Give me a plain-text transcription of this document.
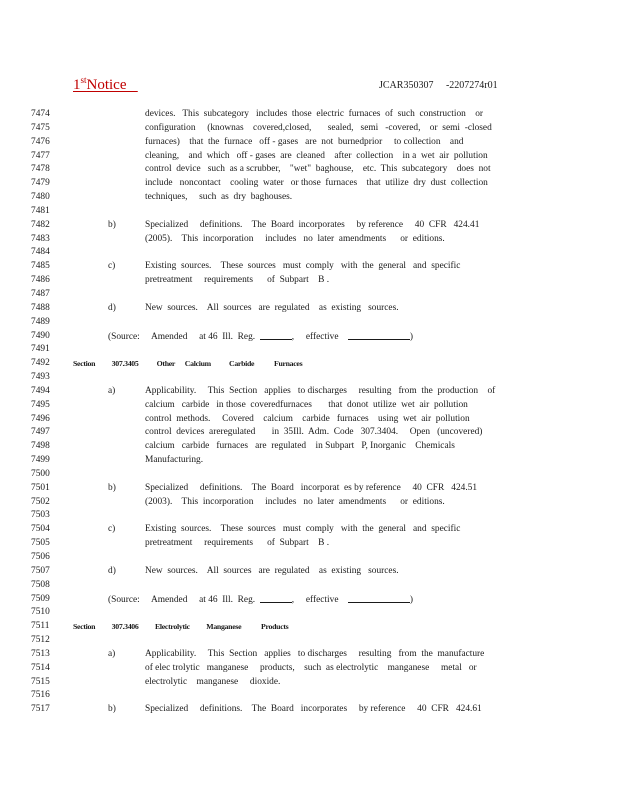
1stNotice	JCAR350307     -2207274r01
7474	devices.   This  subcategory   includes  those  electric  furnaces  of  such  construction    or
7475	configuration     (knownas    covered,closed,       sealed,   semi   -covered,    or  semi  -closed
7476	furnaces)    that  the  furnace   off - gases   are  not  burnedprior     to collection    and
7477	cleaning,    and  which   off - gases  are  cleaned    after  collection    in a  wet  air  pollution
7478	control  device   such  as a scrubber,    "wet"  baghouse,    etc.  This  subcategory    does  not
7479	include   noncontact    cooling  water   or those  furnaces    that  utilize  dry  dust  collection
7480	techniques,     such  as  dry  baghouses.
7481
7482	b)	Specialized     definitions.    The  Board  incorporates     by reference     40  CFR   424.41
7483	(2005).    This  incorporation     includes   no  later  amendments      or  editions.
7484
7485	c)	Existing  sources.    These  sources   must  comply   with  the  general   and  specific
7486	pretreatment     requirements      of  Subpart    B .
7487
7488	d)	New  sources.    All  sources   are  regulated    as  existing   sources.
7489
7490	(Source:     Amended     at 46  Ill.  Reg.	,     effective	)
7491
7492	Section          307.3405           Other      Calcium           Carbide            Furnaces
7493
7494	a)	Applicability.     This  Section   applies   to discharges     resulting   from  the  production    of
7495	calcium   carbide   in those  coveredfurnaces       that  donot  utilize  wet  air  pollution
7496	control  methods.     Covered    calcium    carbide   furnaces    using  wet  air  pollution
7497	control  devices  areregulated       in  35Ill.  Adm.  Code   307.3404.     Open   (uncovered)
7498	calcium   carbide   furnaces   are  regulated    in Subpart   P, Inorganic    Chemicals
7499	Manufacturing.
7500
7501	b)	Specialized     definitions.    The  Board   incorporat  es by reference     40  CFR   424.51
7502	(2003).    This  incorporation     includes   no  later  amendments      or  editions.
7503
7504	c)	Existing  sources.    These  sources   must  comply   with  the  general   and  specific
7505	pretreatment     requirements      of  Subpart    B .
7506
7507	d)	New  sources.    All  sources   are  regulated    as  existing   sources.
7508
7509	(Source:     Amended     at 46  Ill.  Reg.	,     effective	)
7510
7511	Section          307.3406          Electrolytic          Manganese            Products
7512
7513	a)	Applicability.     This  Section   applies   to discharges     resulting   from  the  manufacture
7514	of elec trolytic   manganese     products,    such  as electrolytic    manganese     metal   or
7515	electrolytic    manganese     dioxide.
7516
7517	b)	Specialized     definitions.    The  Board   incorporates     by reference     40  CFR   424.61
